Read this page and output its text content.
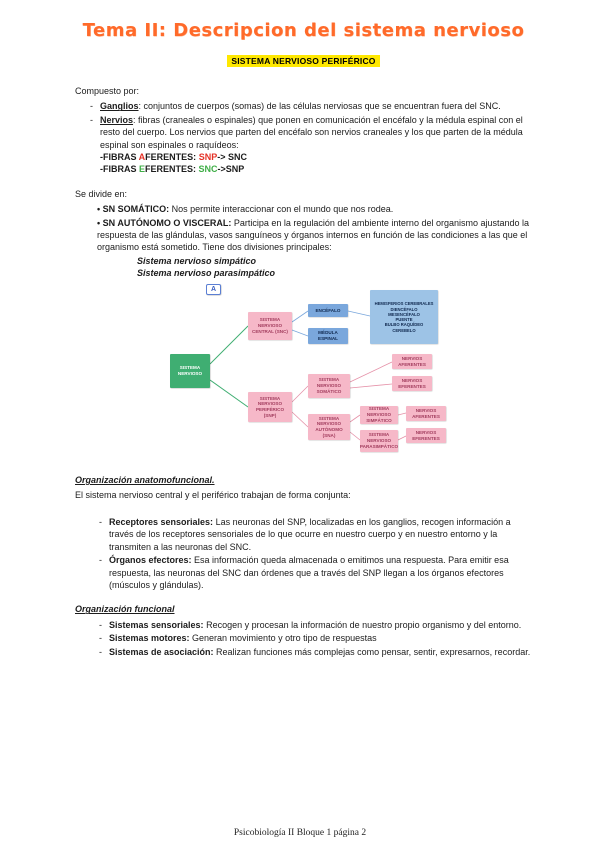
Tema II: Descripcion del sistema nervioso
SISTEMA NERVIOSO PERIFÉRICO
Compuesto por:
- Ganglios: conjuntos de cuerpos (somas) de las células nerviosas que se encuentran fuera del SNC.
- Nervios: fibras (craneales o espinales) que ponen en comunicación el encéfalo y la médula espinal con el resto del cuerpo. Los nervios que parten del encéfalo son nervios craneales y los que parten de la médula espinal son espinales o raquídeos:
-FIBRAS AFERENTES: SNP-> SNC
-FIBRAS EFERENTES: SNC->SNP
Se divide en:
• SN SOMÁTICO: Nos permite interaccionar con el mundo que nos rodea.
• SN AUTÓNOMO O VISCERAL: Participa en la regulación del ambiente interno del organismo ajustando la respuesta de las glándulas, vasos sanguíneos y órganos internos en función de las condiciones a las que el organismo está sometido. Tiene dos divisiones principales:
Sistema nervioso simpático
Sistema nervioso parasimpático
A
SISTEMA NERVIOSO
SISTEMA NERVIOSO CENTRAL (SNC)
ENCÉFALO
MÉDULA ESPINAL
HEMISFERIOS CEREBRALES
DIENCÉFALO
MESENCÉFALO
PUENTE
BULBO RAQUÍDEO
CEREBELO
SISTEMA NERVIOSO PERIFÉRICO (SNP)
SISTEMA NERVIOSO SOMÁTICO
NERVIOS AFERENTES
NERVIOS EFERENTES
SISTEMA NERVIOSO AUTÓNOMO (SNA)
SISTEMA NERVIOSO SIMPÁTICO
SISTEMA NERVIOSO PARASIMPÁTICO
NERVIOS AFERENTES
NERVIOS EFERENTES
Organización anatomofuncional.
El sistema nervioso central y el periférico trabajan de forma conjunta:
- Receptores sensoriales: Las neuronas del SNP, localizadas en los ganglios, recogen información a través de los receptores sensoriales de lo que ocurre en nuestro cuerpo y en nuestro entorno y la transmiten a las neuronas del SNC.
- Órganos efectores: Esa información queda almacenada o emitimos una respuesta. Para emitir esa respuesta, las neuronas del SNC dan órdenes que a través del SNP llegan a los órganos efectores (músculos y glándulas).
Organización funcional
- Sistemas sensoriales: Recogen y procesan la información de nuestro propio organismo y del entorno.
- Sistemas motores: Generan movimiento y otro tipo de respuestas
- Sistemas de asociación: Realizan funciones más complejas como pensar, sentir, expresarnos, recordar.
Psicobiología II Bloque 1 página 2
